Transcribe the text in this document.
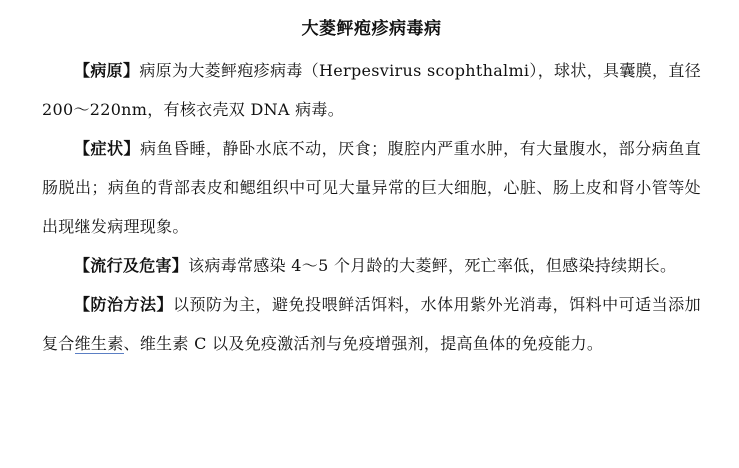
大菱鲆疱疹病毒病

【病原】病原为大菱鲆疱疹病毒（Herpesvirus scophthalmi），球状，具囊膜，直径 200～220nm，有核衣壳双 DNA 病毒。

【症状】病鱼昏睡，静卧水底不动，厌食；腹腔内严重水肿，有大量腹水，部分病鱼直肠脱出；病鱼的背部表皮和鳃组织中可见大量异常的巨大细胞，心脏、肠上皮和肾小管等处出现继发病理现象。

【流行及危害】该病毒常感染 4～5 个月龄的大菱鲆，死亡率低，但感染持续期长。

【防治方法】以预防为主，避免投喂鲜活饵料，水体用紫外光消毒，饵料中可适当添加复合维生素、维生素 C 以及免疫激活剂与免疫增强剂，提高鱼体的免疫能力。
